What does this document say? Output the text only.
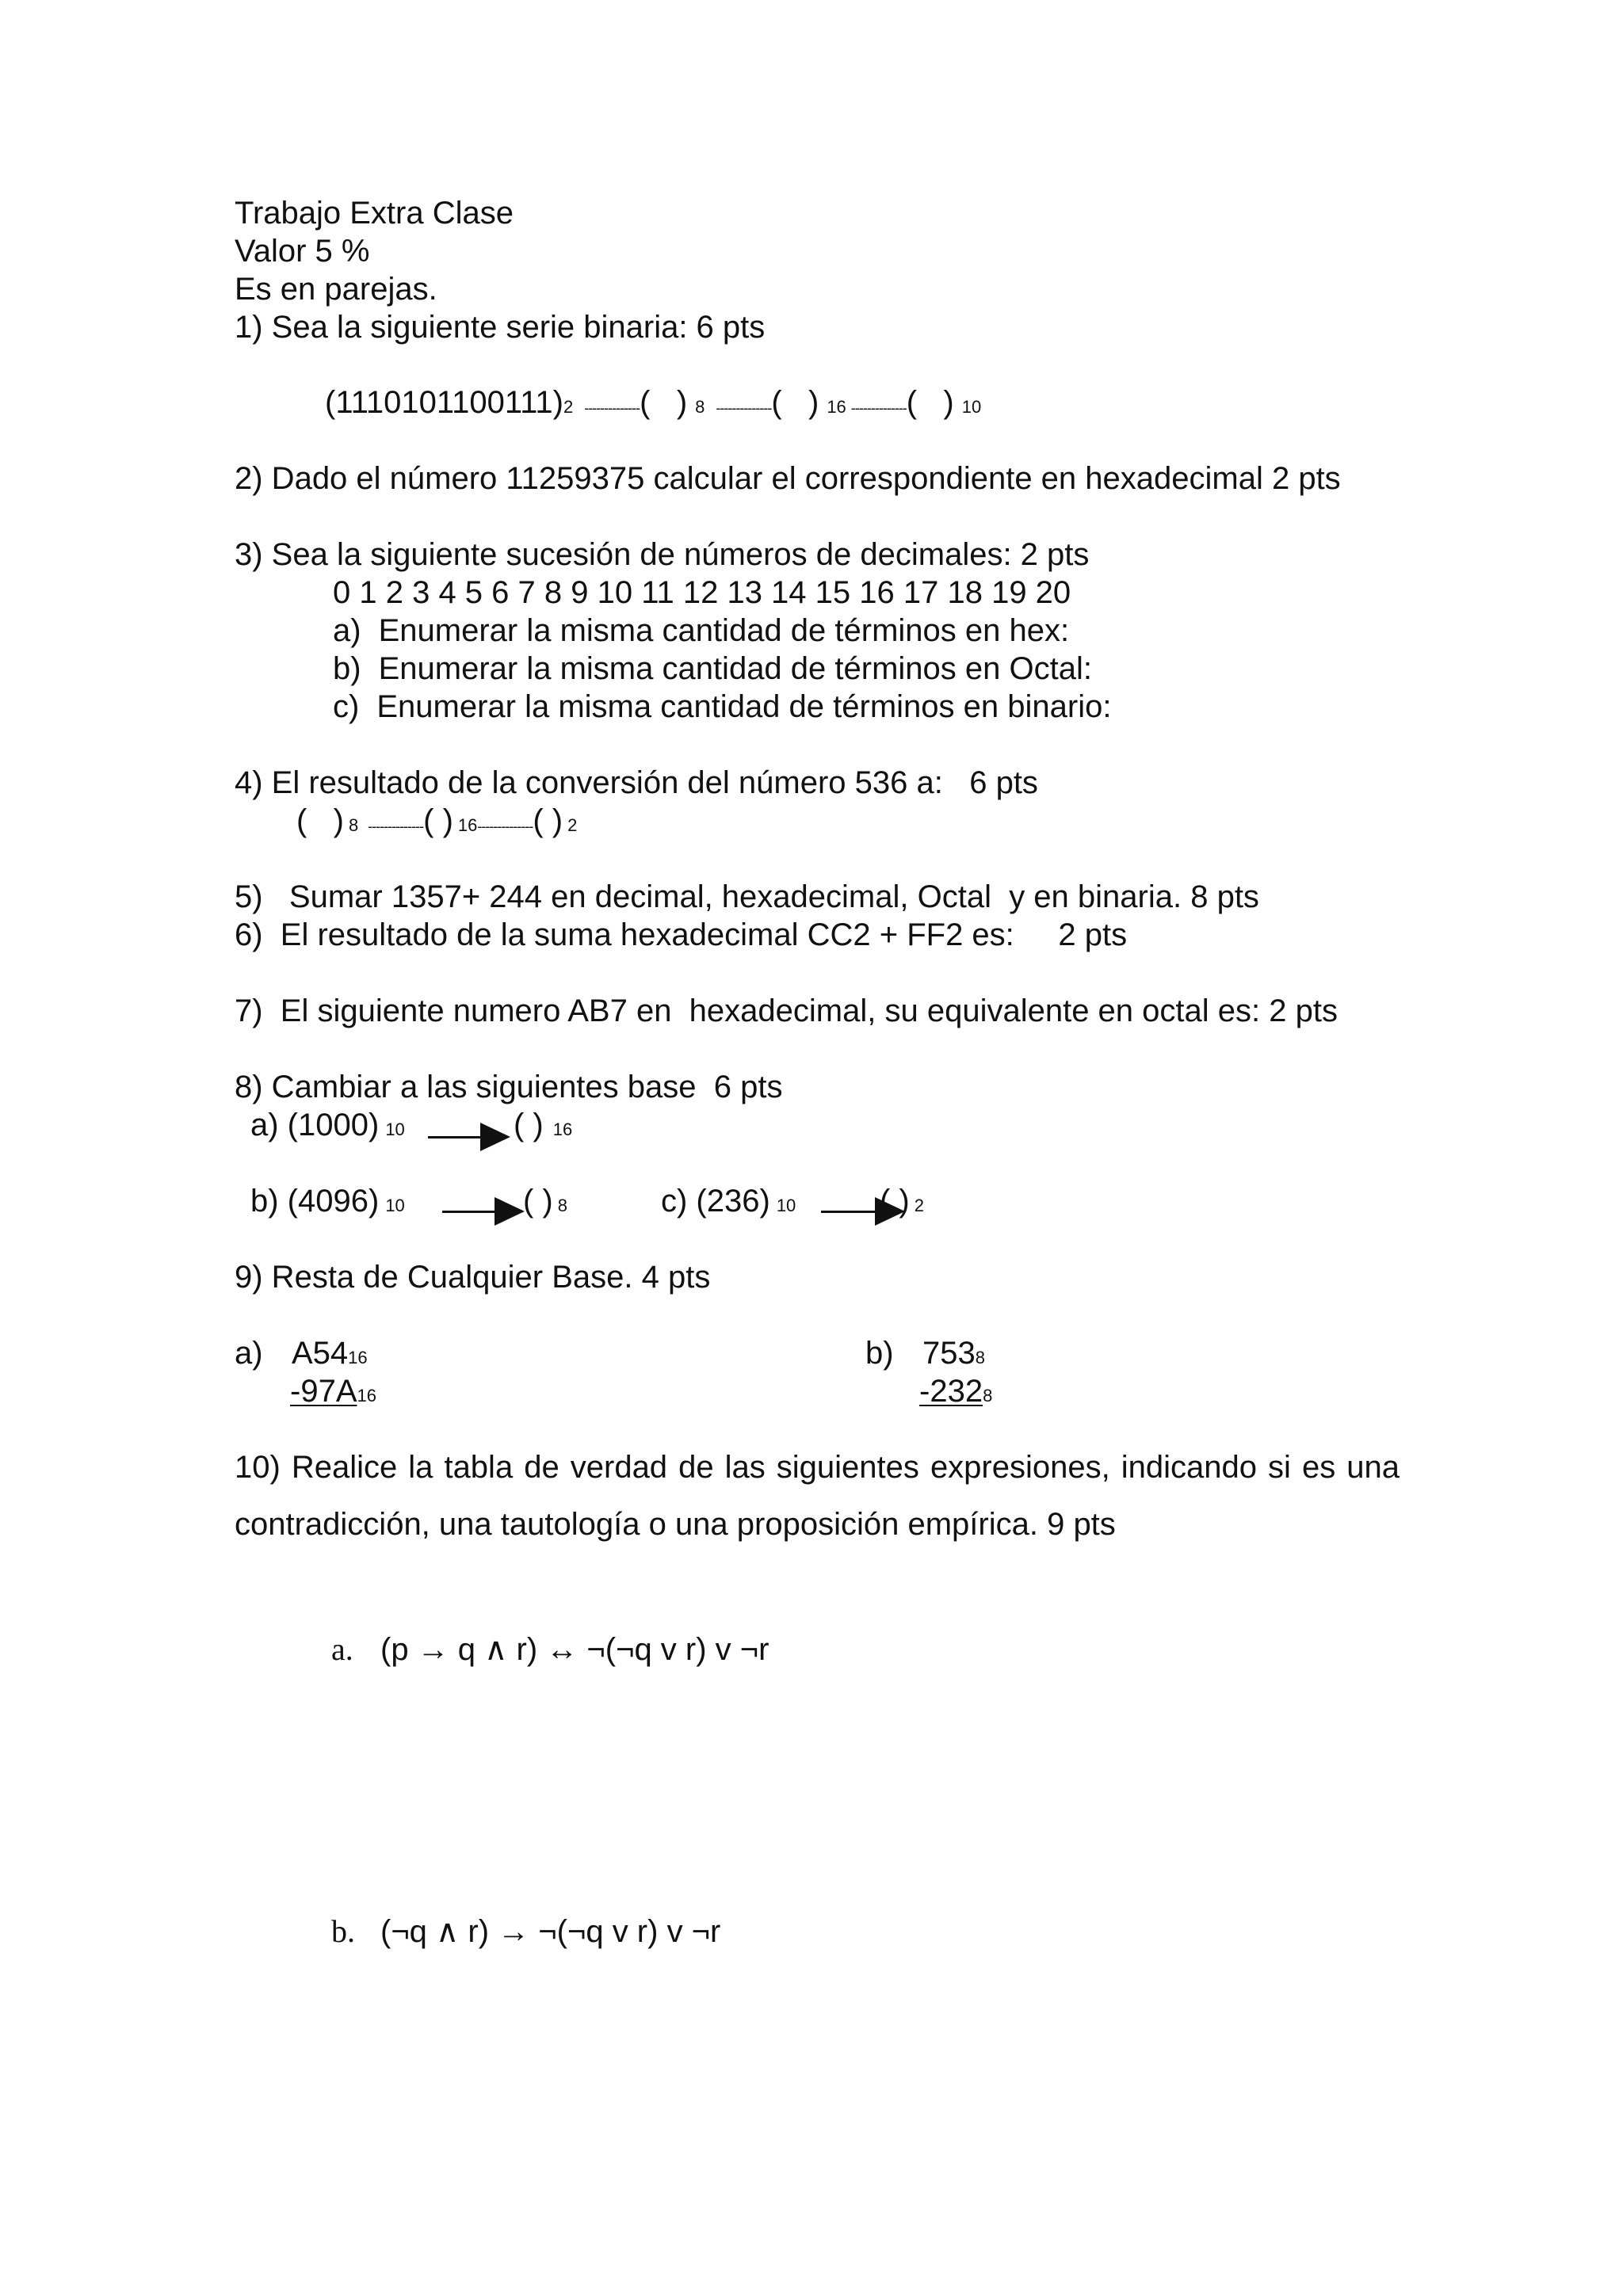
Trabajo Extra Clase
Valor 5 %
Es en parejas.
1) Sea la siguiente serie binaria: 6 pts
(1110101100111)2 --------------(   ) 8 --------------(   ) 16 --------------(   ) 10
2) Dado el número 11259375 calcular el correspondiente en hexadecimal 2 pts
3) Sea la siguiente sucesión de números de decimales: 2 pts
0 1 2 3 4 5 6 7 8 9 10 11 12 13 14 15 16 17 18 19 20
a) Enumerar la misma cantidad de términos en hex:
b) Enumerar la misma cantidad de términos en Octal:
c) Enumerar la misma cantidad de términos en binario:
4) El resultado de la conversión del número 536 a:   6 pts
(   ) 8 --------------( ) 16--------------( ) 2
5)   Sumar 1357+ 244 en decimal, hexadecimal, Octal  y en binaria. 8 pts
6)  El resultado de la suma hexadecimal CC2 + FF2 es:     2 pts
7)  El siguiente numero AB7 en  hexadecimal, su equivalente en octal es: 2 pts
8) Cambiar a las siguientes base  6 pts
a) (1000) 10	( ) 16
b) (4096) 10	( ) 8	c) (236) 10	( ) 2
9) Resta de Cualquier Base. 4 pts
a) A5416
-97A16
b) 7538
-2328
10) Realice la tabla de verdad de las siguientes expresiones, indicando si es una contradicción, una tautología o una proposición empírica. 9 pts
a. (p → q ∧ r) ↔ ¬(¬q v r) v ¬r
b. (¬q ∧ r) → ¬(¬q v r) v ¬r
